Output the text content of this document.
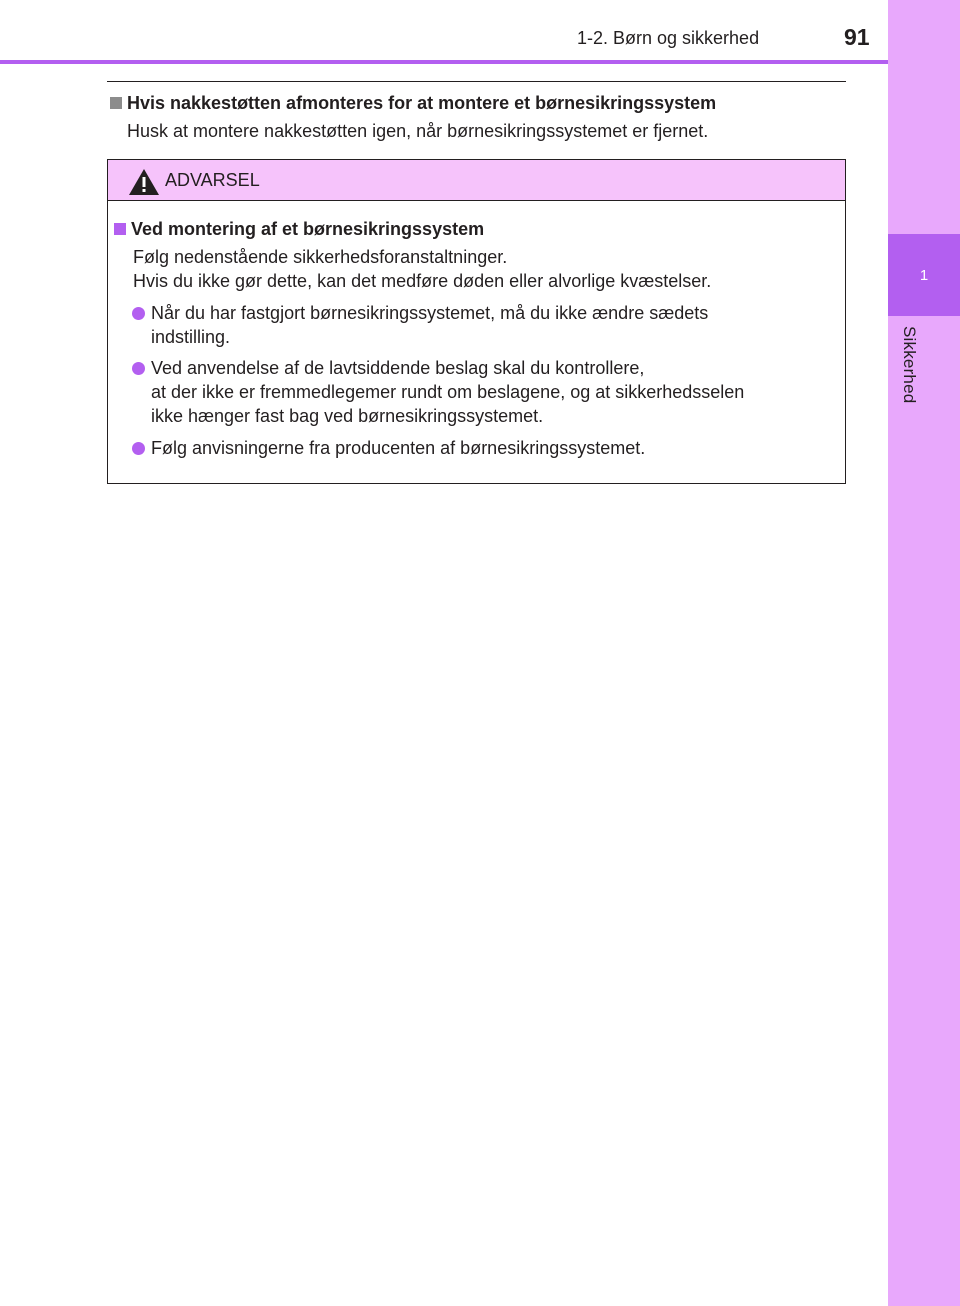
1
Sikkerhed
1-2. Børn og sikkerhed	91
Hvis nakkestøtten afmonteres for at montere et børnesikringssystem
Husk at montere nakkestøtten igen, når børnesikringssystemet er fjernet.
ADVARSEL
Ved montering af et børnesikringssystem
Følg nedenstående sikkerhedsforanstaltninger.
Hvis du ikke gør dette, kan det medføre døden eller alvorlige kvæstelser.
Når du har fastgjort børnesikringssystemet, må du ikke ændre sædets
indstilling.
Ved anvendelse af de lavtsiddende beslag skal du kontrollere,
at der ikke er fremmedlegemer rundt om beslagene, og at sikkerhedsselen
ikke hænger fast bag ved børnesikringssystemet.
Følg anvisningerne fra producenten af børnesikringssystemet.
